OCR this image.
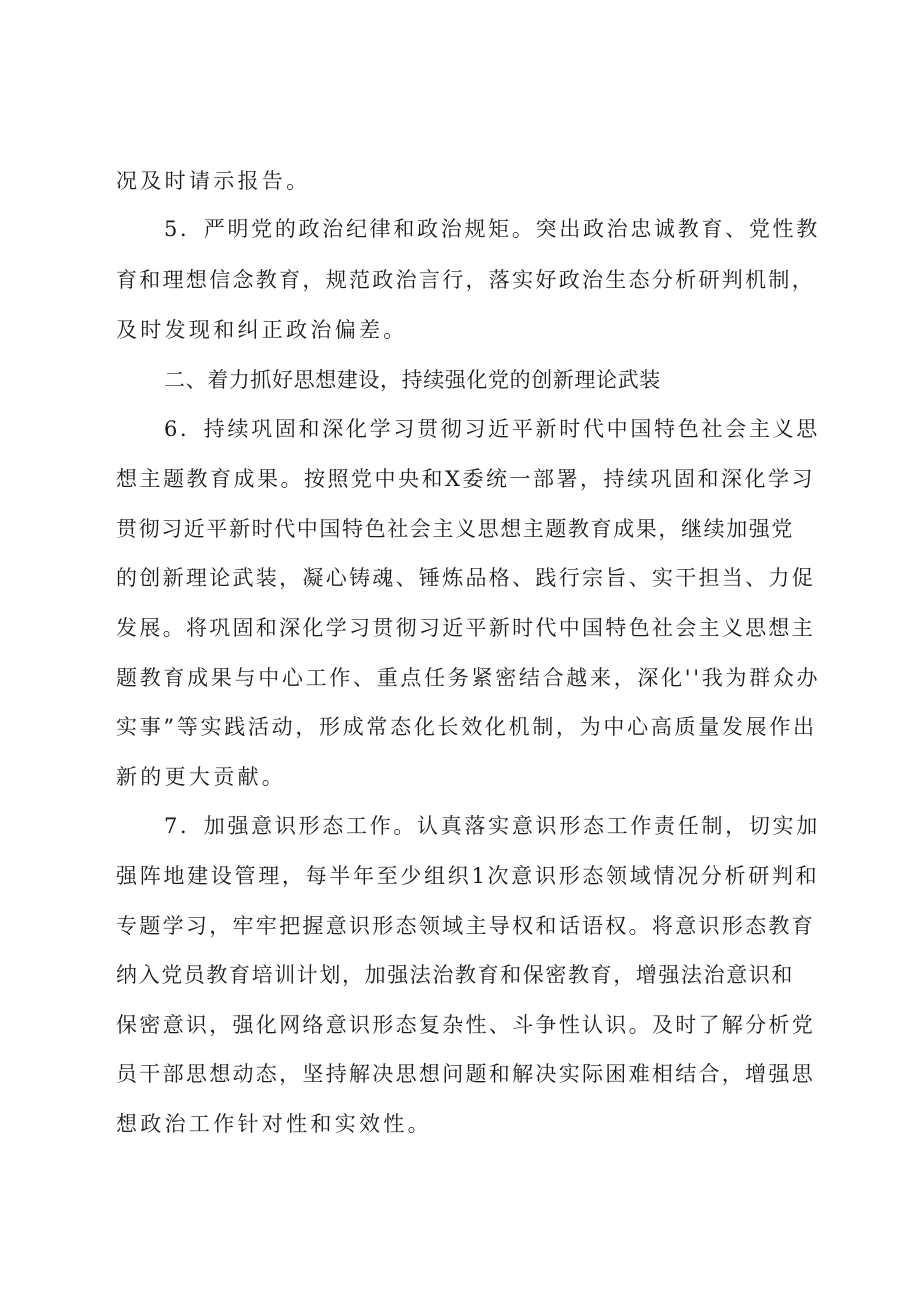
况及时请示报告。

5．严明党的政治纪律和政治规矩。突出政治忠诚教育、党性教

育和理想信念教育，规范政治言行，落实好政治生态分析研判机制，

及时发现和纠正政治偏差。

二、着力抓好思想建设，持续强化党的创新理论武装

6．持续巩固和深化学习贯彻习近平新时代中国特色社会主义思

想主题教育成果。按照党中央和X委统一部署，持续巩固和深化学习

贯彻习近平新时代中国特色社会主义思想主题教育成果，继续加强党

的创新理论武装，凝心铸魂、锤炼品格、践行宗旨、实干担当、力促

发展。将巩固和深化学习贯彻习近平新时代中国特色社会主义思想主

题教育成果与中心工作、重点任务紧密结合越来，深化''我为群众办

实事”等实践活动，形成常态化长效化机制，为中心高质量发展作出

新的更大贡献。

7．加强意识形态工作。认真落实意识形态工作责任制，切实加

强阵地建设管理，每半年至少组织1次意识形态领域情况分析研判和

专题学习，牢牢把握意识形态领域主导权和话语权。将意识形态教育

纳入党员教育培训计划，加强法治教育和保密教育，增强法治意识和

保密意识，强化网络意识形态复杂性、斗争性认识。及时了解分析党

员干部思想动态，坚持解决思想问题和解决实际困难相结合，增强思

想政治工作针对性和实效性。
